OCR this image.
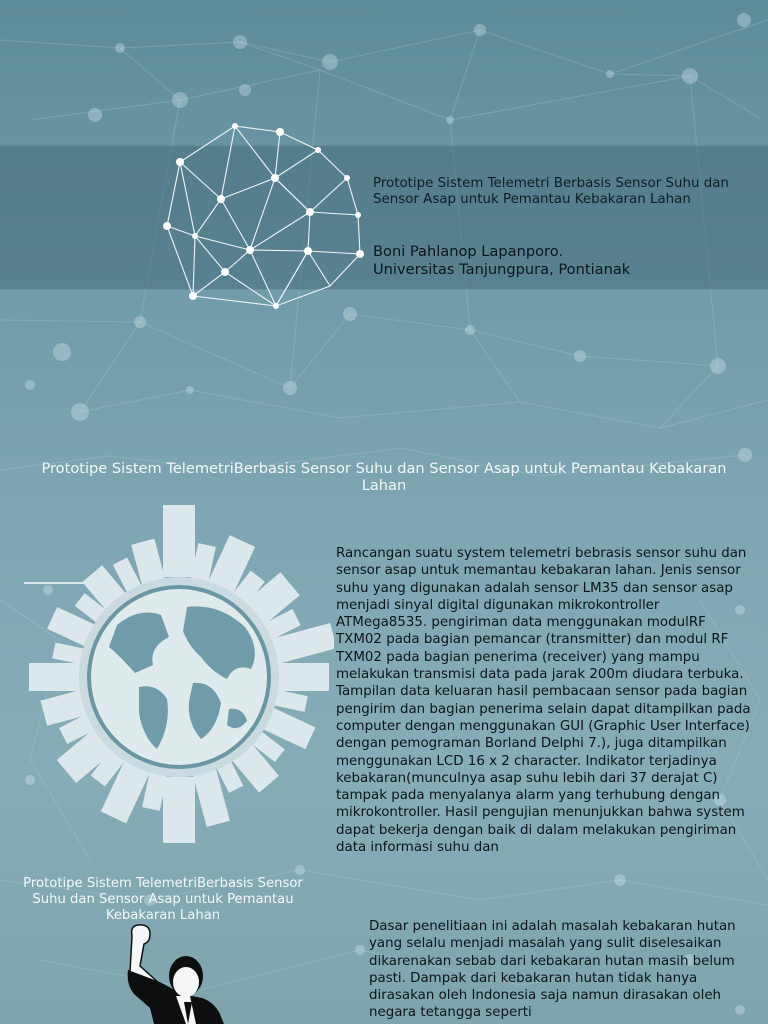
Prototipe Sistem Telemetri Berbasis Sensor Suhu dan Sensor Asap untuk Pemantau Kebakaran Lahan

Boni Pahlanop Lapanporo.
Universitas Tanjungpura, Pontianak

Prototipe Sistem TelemetriBerbasis Sensor Suhu dan Sensor Asap untuk Pemantau Kebakaran Lahan

Rancangan suatu system telemetri bebrasis sensor suhu dan sensor asap untuk memantau kebakaran lahan. Jenis sensor suhu yang digunakan adalah sensor LM35 dan sensor asap menjadi sinyal digital digunakan mikrokontroller ATMega8535. pengiriman data menggunakan modulRF TXM02 pada bagian pemancar (transmitter) dan modul RF TXM02 pada bagian penerima (receiver) yang mampu melakukan transmisi data pada jarak 200m diudara terbuka. Tampilan data keluaran hasil pembacaan sensor pada bagian pengirim dan bagian penerima selain dapat ditampilkan pada computer dengan menggunakan GUI (Graphic User Interface) dengan pemograman Borland Delphi 7.), juga ditampilkan menggunakan LCD 16 x 2 character. Indikator terjadinya kebakaran(munculnya asap suhu lebih dari 37 derajat C) tampak pada menyalanya alarm yang terhubung dengan mikrokontroller. Hasil pengujian menunjukkan bahwa system dapat bekerja dengan baik di dalam melakukan pengiriman data informasi suhu dan

Prototipe Sistem TelemetriBerbasis Sensor Suhu dan Sensor Asap untuk Pemantau Kebakaran Lahan

Dasar penelitiaan ini adalah masalah kebakaran hutan yang selalu menjadi masalah yang sulit diselesaikan dikarenakan sebab dari kebakaran hutan masih belum pasti. Dampak dari kebakaran hutan tidak hanya dirasakan oleh Indonesia saja namun dirasakan oleh negara tetangga seperti
